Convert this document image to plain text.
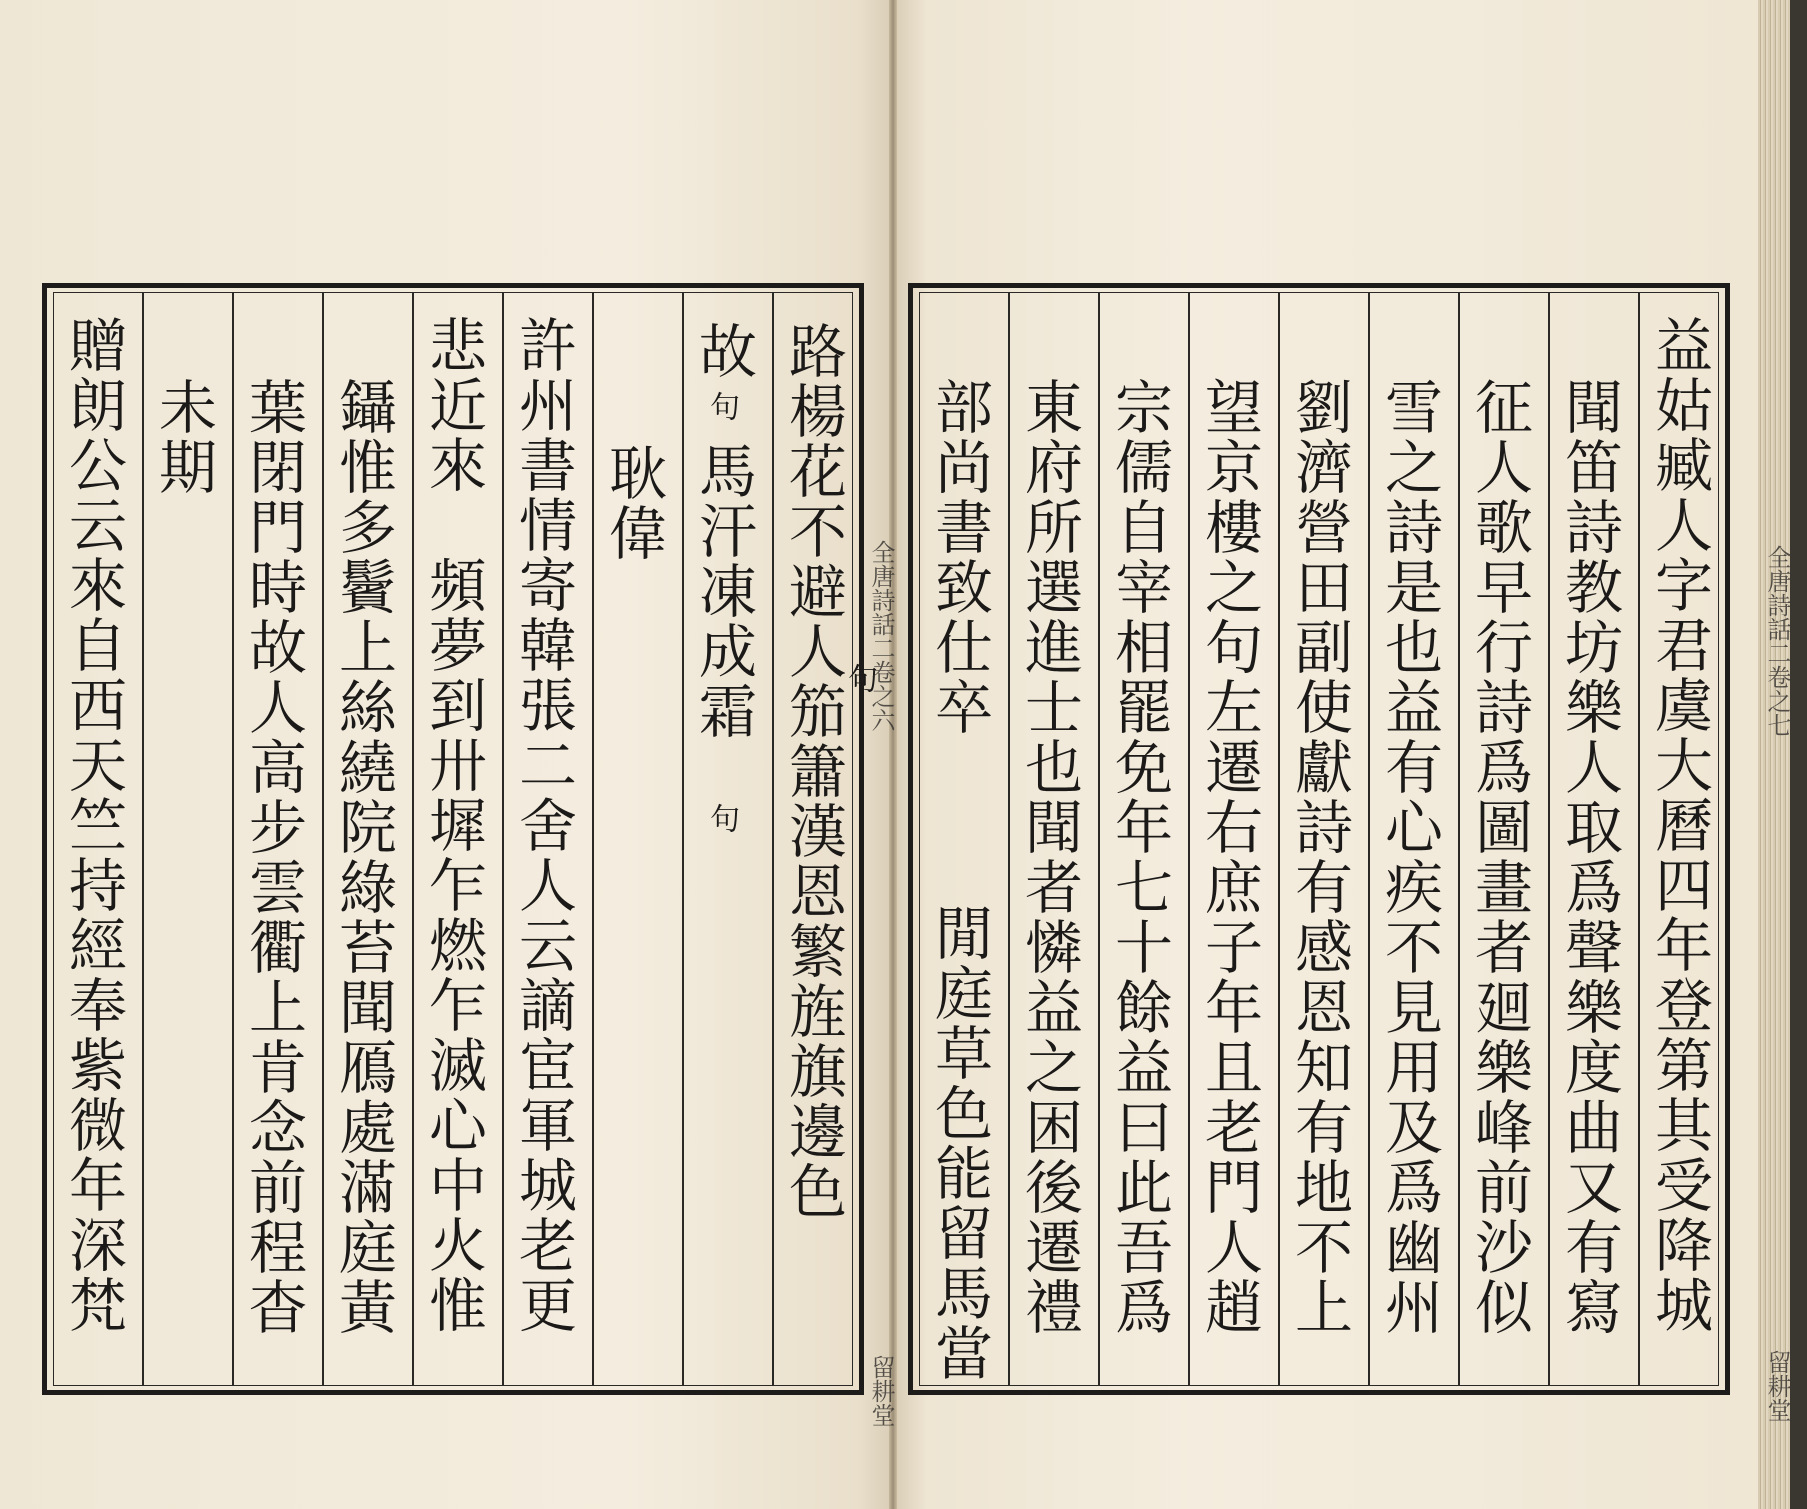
路楊花不避人
句
笳簫漢恩繁旌旗邊色
故
句
馬汗凍成霜
句
耿偉
許州書情寄韓張二舍人云謫宦軍城老更
悲近來　頻夢到卅墀乍燃乍滅心中火惟
鑷惟多鬢上絲繞院綠苔聞鴈處滿庭黃
葉閉門時故人高步雲衢上肯念前程杳
未期
贈朗公云來自西天竺持經奉紫微年深梵	全唐詩話二卷之六
留耕堂
益姑臧人字君虞大曆四年登第其受降城
聞笛詩教坊樂人取爲聲樂度曲又有寫
征人歌早行詩爲圖畫者廻樂峰前沙似
雪之詩是也益有心疾不見用及爲幽州
劉濟營田副使獻詩有感恩知有地不上
望京樓之句左遷右庶子年且老門人趙
宗儒自宰相罷免年七十餘益曰此吾爲
東府所選進士也聞者憐益之困後遷禮
部尚書致仕卒
閒庭草色能留馬當
全唐詩話二卷之七
留耕堂
